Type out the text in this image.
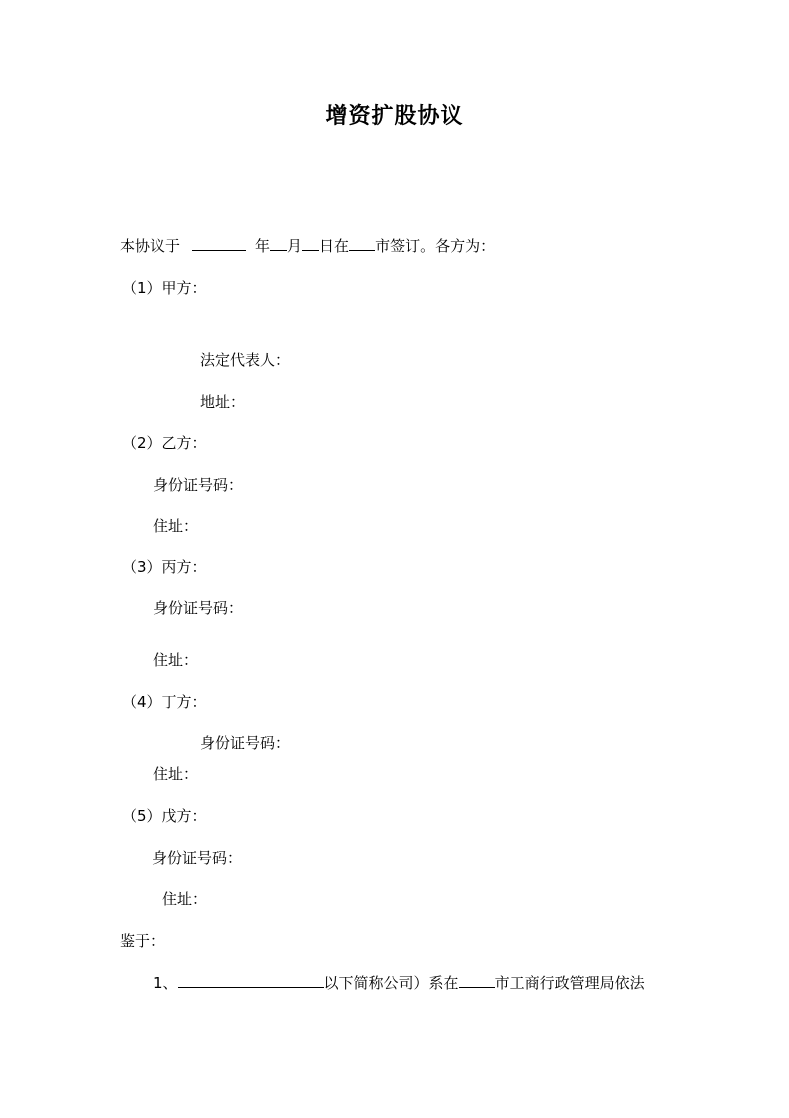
增资扩股协议
本协议于	年 月 日在 市签订。各方为：
（1）甲方：
法定代表人：
地址：
（2）乙方：
身份证号码：
住址：
（3）丙方：
身份证号码：
住址：
（4）丁方：
身份证号码：
住址：
（5）戊方：
身份证号码：
住址：
鉴于：
1、	以下简称公司）系在 市工商行政管理局依法
